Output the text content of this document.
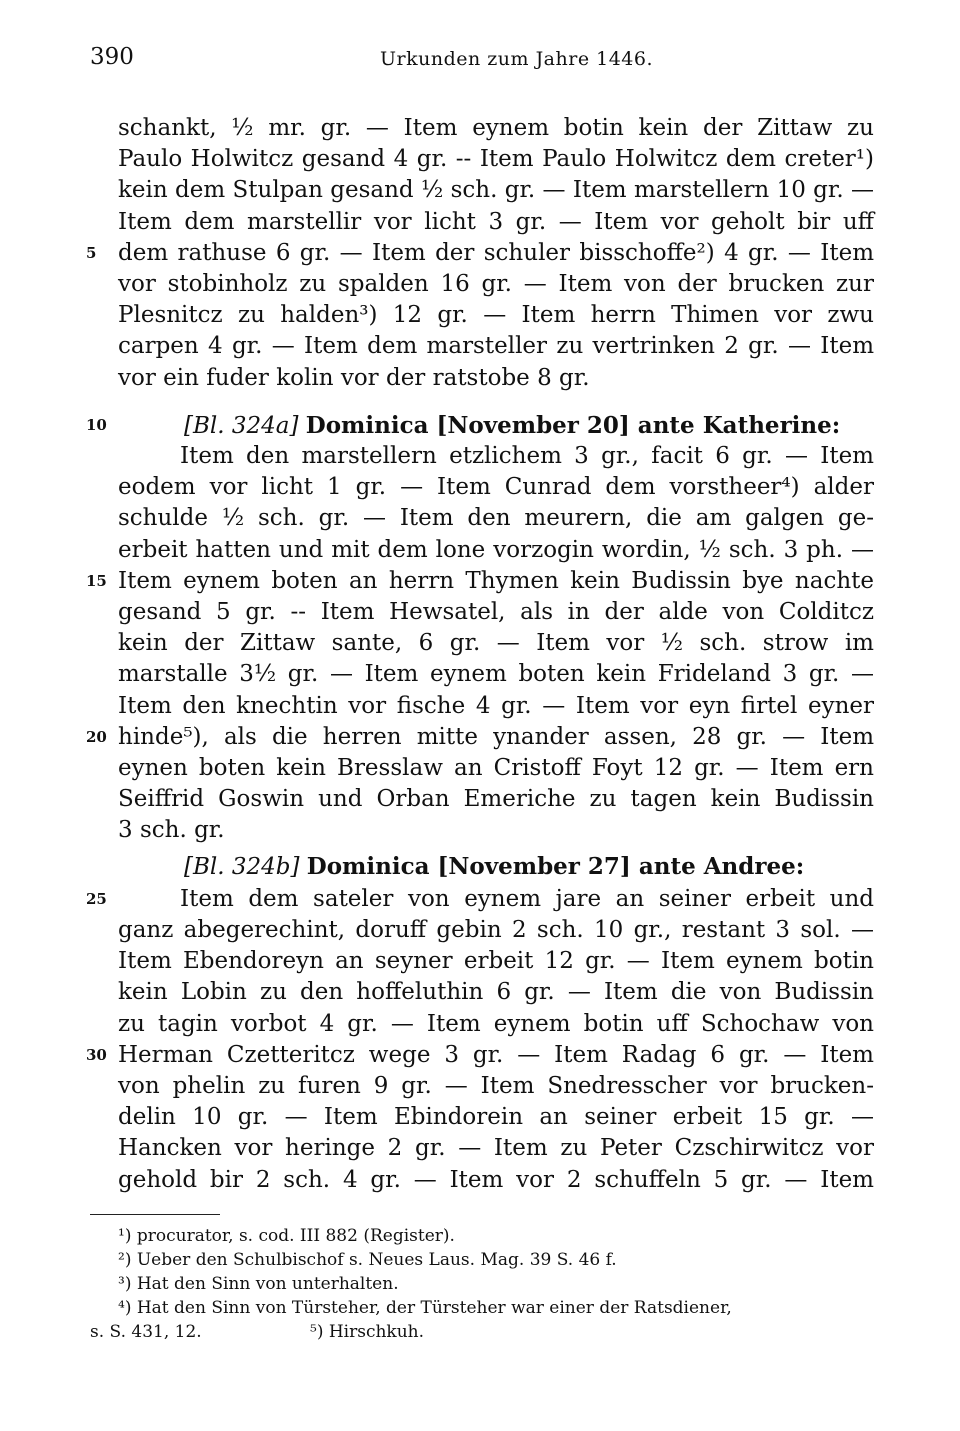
390	Urkunden zum Jahre 1446.
schankt, ½ mr. gr. — Item eynem botin kein der Zittaw zu
Paulo Holwitcz gesand 4 gr. -- Item Paulo Holwitcz dem creter¹)
kein dem Stulpan gesand ½ sch. gr. — Item marstellern 10 gr. —
Item dem marstellir vor licht 3 gr. — Item vor geholt bir uff
dem rathuse 6 gr. — Item der schuler bisschoffe²) 4 gr. — Item
5
vor stobinholz zu spalden 16 gr. — Item von der brucken zur
Plesnitcz zu halden³) 12 gr. — Item herrn Thimen vor zwu
carpen 4 gr. — Item dem marsteller zu vertrinken 2 gr. — Item
vor ein fuder kolin vor der ratstobe 8 gr.
[Bl. 324a] Dominica [November 20] ante Katherine:
10
Item den marstellern etzlichem 3 gr., facit 6 gr. — Item
eodem vor licht 1 gr. — Item Cunrad dem vorstheer⁴) alder
schulde ½ sch. gr. — Item den meurern, die am galgen ge-
erbeit hatten und mit dem lone vorzogin wordin, ½ sch. 3 ph. —
Item eynem boten an herrn Thymen kein Budissin bye nachte
15
gesand 5 gr. -- Item Hewsatel, als in der alde von Colditcz
kein der Zittaw sante, 6 gr. — Item vor ½ sch. strow im
marstalle 3½ gr. — Item eynem boten kein Frideland 3 gr. —
Item den knechtin vor fische 4 gr. — Item vor eyn firtel eyner
hinde⁵), als die herren mitte ynander assen, 28 gr. — Item
20
eynen boten kein Bresslaw an Cristoff Foyt 12 gr. — Item ern
Seiffrid Goswin und Orban Emeriche zu tagen kein Budissin
3 sch. gr.
[Bl. 324b] Dominica [November 27] ante Andree:
Item dem sateler von eynem jare an seiner erbeit und
25
ganz abegerechint, doruff gebin 2 sch. 10 gr., restant 3 sol. —
Item Ebendoreyn an seyner erbeit 12 gr. — Item eynem botin
kein Lobin zu den hoffeluthin 6 gr. — Item die von Budissin
zu tagin vorbot 4 gr. — Item eynem botin uff Schochaw von
Herman Czetteritcz wege 3 gr. — Item Radag 6 gr. — Item
30
von phelin zu furen 9 gr. — Item Snedresscher vor brucken-
delin 10 gr. — Item Ebindorein an seiner erbeit 15 gr. —
Hancken vor heringe 2 gr. — Item zu Peter Czschirwitcz vor
gehold bir 2 sch. 4 gr. — Item vor 2 schuffeln 5 gr. — Item
¹) procurator, s. cod. III 882 (Register).
²) Ueber den Schulbischof s. Neues Laus. Mag. 39 S. 46 f.
³) Hat den Sinn von unterhalten.
⁴) Hat den Sinn von Türsteher, der Türsteher war einer der Ratsdiener,
s. S. 431, 12.	⁵) Hirschkuh.
